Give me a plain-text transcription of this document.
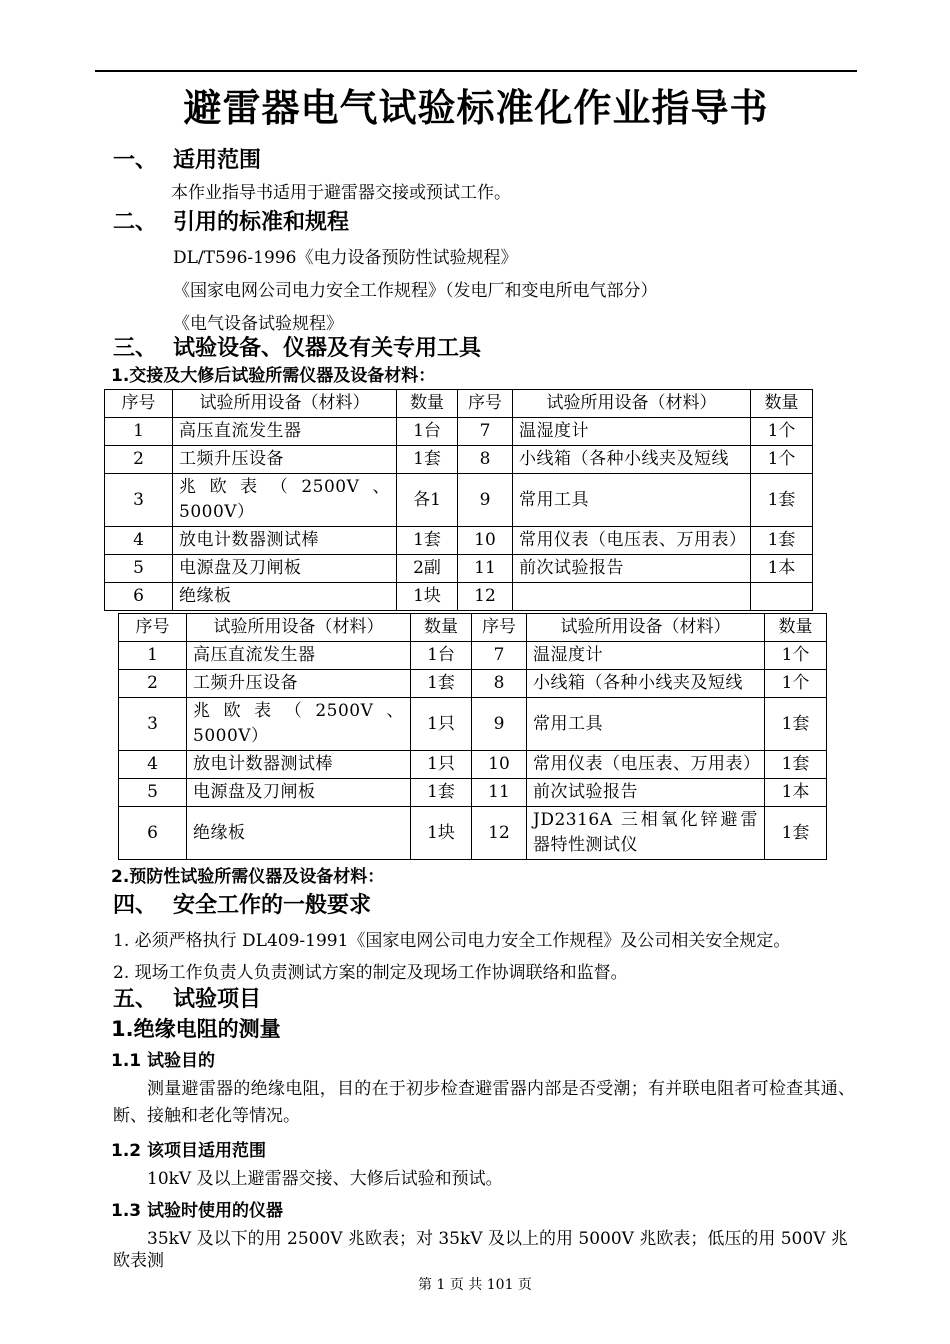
避雷器电气试验标准化作业指导书
一、 适用范围

本作业指导书适用于避雷器交接或预试工作。

二、 引用的标准和规程

DL/T596-1996《电力设备预防性试验规程》

《国家电网公司电力安全工作规程》（发电厂和变电所电气部分）

《电气设备试验规程》

三、 试验设备、仪器及有关专用工具

1.交接及大修后试验所需仪器及设备材料：

序号	试验所用设备（材料）	数量	序号	试验所用设备（材料）	数量
1	高压直流发生器	1台	7	温湿度计	1个
2	工频升压设备	1套	8	小线箱（各种小线夹及短线	1个
3	兆欧表（2500V、5000V）	各1	9	常用工具	1套
4	放电计数器测试棒	1套	10	常用仪表（电压表、万用表）	1套
5	电源盘及刀闸板	2副	11	前次试验报告	1本
6	绝缘板	1块	12		
序号	试验所用设备（材料）	数量	序号	试验所用设备（材料）	数量
1	高压直流发生器	1台	7	温湿度计	1个
2	工频升压设备	1套	8	小线箱（各种小线夹及短线	1个
3	兆欧表（2500V、5000V）	1只	9	常用工具	1套
4	放电计数器测试棒	1只	10	常用仪表（电压表、万用表）	1套
5	电源盘及刀闸板	1套	11	前次试验报告	1本
6	绝缘板	1块	12	JD2316A 三相氧化锌避雷器特性测试仪	1套

2.预防性试验所需仪器及设备材料：

四、 安全工作的一般要求

1. 必须严格执行 DL409-1991《国家电网公司电力安全工作规程》及公司相关安全规定。

2. 现场工作负责人负责测试方案的制定及现场工作协调联络和监督。

五、 试验项目
1.绝缘电阻的测量
1.1 试验目的

测量避雷器的绝缘电阻，目的在于初步检查避雷器内部是否受潮；有并联电阻者可检查其通、断、接触和老化等情况。

1.2 该项目适用范围

10kV 及以上避雷器交接、大修后试验和预试。

1.3 试验时使用的仪器

35kV 及以下的用 2500V 兆欧表；对 35kV 及以上的用 5000V 兆欧表；低压的用 500V 兆欧表测

第 1 页 共 101 页
